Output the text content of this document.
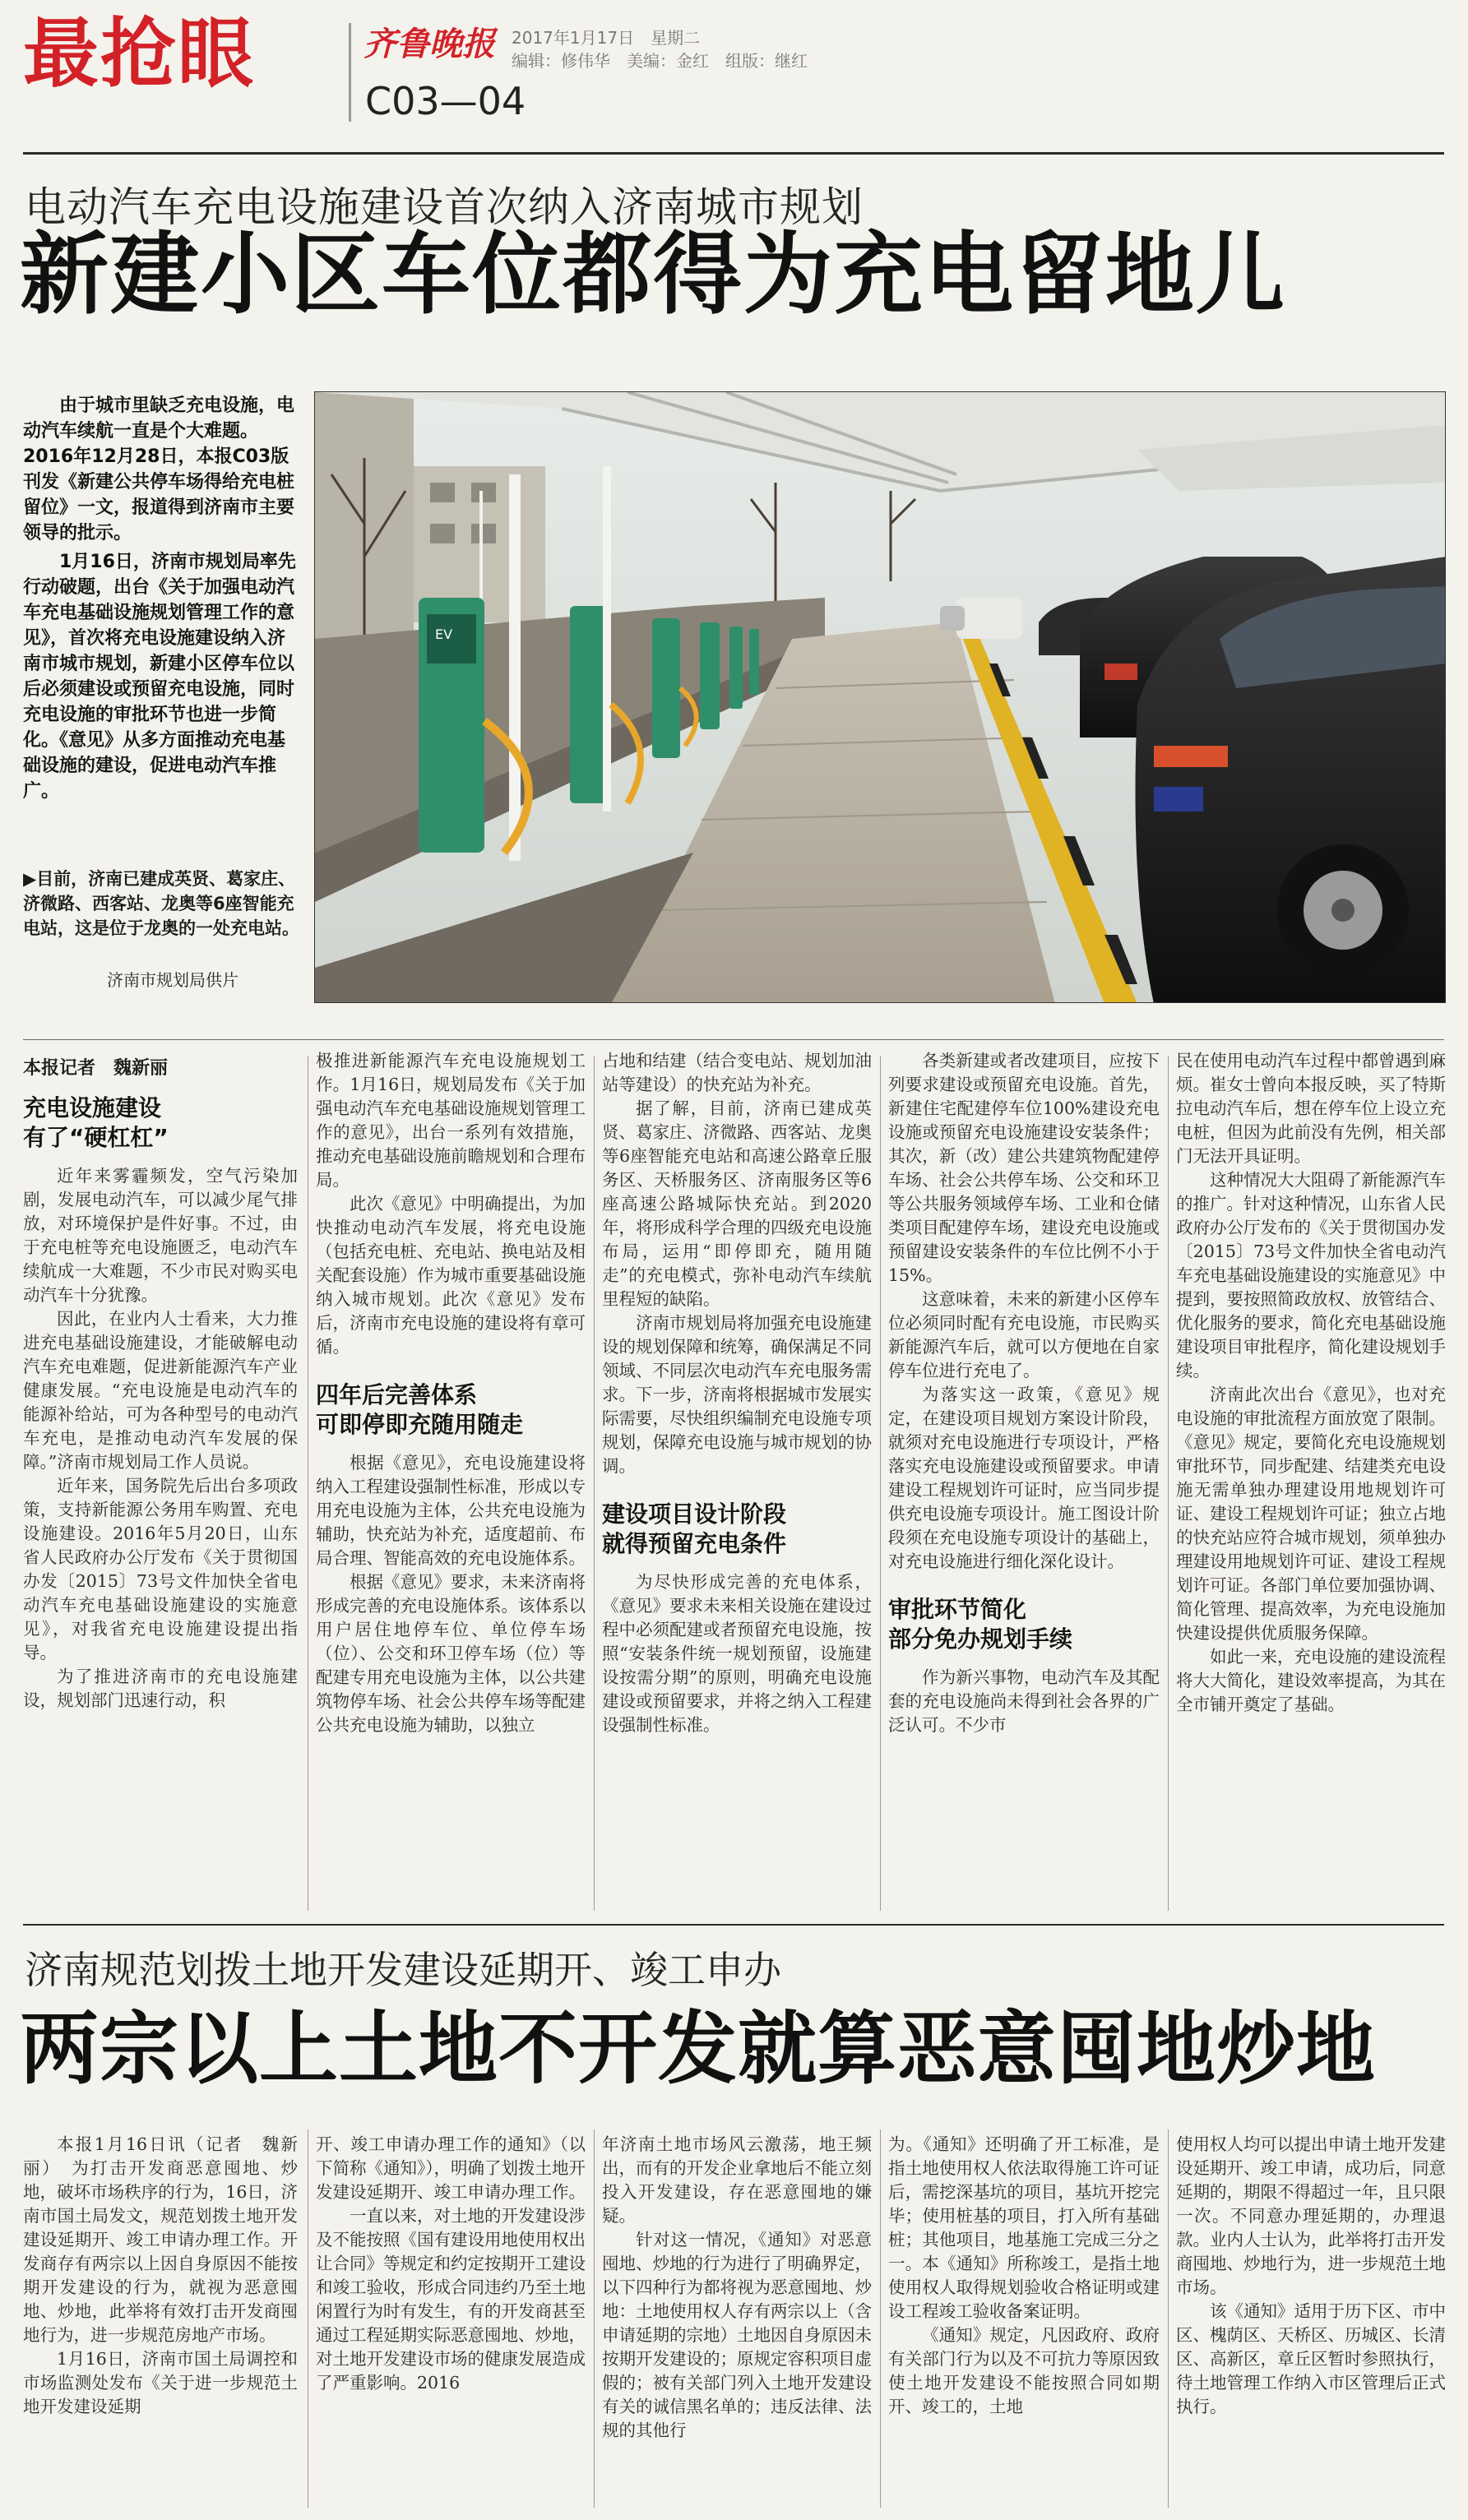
最抢眼	齐鲁晚报 2017年1月17日　星期二
编辑：修伟华　美编：金红　组版：继红
C03—04
电动汽车充电设施建设首次纳入济南城市规划
新建小区车位都得为充电留地儿

由于城市里缺乏充电设施，电动汽车续航一直是个大难题。2016年12月28日，本报C03版刊发《新建公共停车场得给充电桩留位》一文，报道得到济南市主要领导的批示。

1月16日，济南市规划局率先行动破题，出台《关于加强电动汽车充电基础设施规划管理工作的意见》，首次将充电设施建设纳入济南市城市规划，新建小区停车位以后必须建设或预留充电设施，同时充电设施的审批环节也进一步简化。《意见》从多方面推动充电基础设施的建设，促进电动汽车推广。

▶目前，济南已建成英贤、葛家庄、济微路、西客站、龙奥等6座智能充电站，这是位于龙奥的一处充电站。
济南市规划局供片
EV
本报记者　魏新丽
充电设施建设
有了“硬杠杠”

近年来雾霾频发，空气污染加剧，发展电动汽车，可以减少尾气排放，对环境保护是件好事。不过，由于充电桩等充电设施匮乏，电动汽车续航成一大难题，不少市民对购买电动汽车十分犹豫。

因此，在业内人士看来，大力推进充电基础设施建设，才能破解电动汽车充电难题，促进新能源汽车产业健康发展。“充电设施是电动汽车的能源补给站，可为各种型号的电动汽车充电，是推动电动汽车发展的保障。”济南市规划局工作人员说。

近年来，国务院先后出台多项政策，支持新能源公务用车购置、充电设施建设。2016年5月20日，山东省人民政府办公厅发布《关于贯彻国办发〔2015〕73号文件加快全省电动汽车充电基础设施建设的实施意见》，对我省充电设施建设提出指导。

为了推进济南市的充电设施建设，规划部门迅速行动，积

极推进新能源汽车充电设施规划工作。1月16日，规划局发布《关于加强电动汽车充电基础设施规划管理工作的意见》，出台一系列有效措施，推动充电基础设施前瞻规划和合理布局。

此次《意见》中明确提出，为加快推动电动汽车发展，将充电设施（包括充电桩、充电站、换电站及相关配套设施）作为城市重要基础设施纳入城市规划。此次《意见》发布后，济南市充电设施的建设将有章可循。

四年后完善体系
可即停即充随用随走

根据《意见》，充电设施建设将纳入工程建设强制性标准，形成以专用充电设施为主体，公共充电设施为辅助，快充站为补充，适度超前、布局合理、智能高效的充电设施体系。

根据《意见》要求，未来济南将形成完善的充电设施体系。该体系以用户居住地停车位、单位停车场（位）、公交和环卫停车场（位）等配建专用充电设施为主体，以公共建筑物停车场、社会公共停车场等配建公共充电设施为辅助，以独立

占地和结建（结合变电站、规划加油站等建设）的快充站为补充。

据了解，目前，济南已建成英贤、葛家庄、济微路、西客站、龙奥等6座智能充电站和高速公路章丘服务区、天桥服务区、济南服务区等6座高速公路城际快充站。到2020年，将形成科学合理的四级充电设施布局，运用“即停即充，随用随走”的充电模式，弥补电动汽车续航里程短的缺陷。

济南市规划局将加强充电设施建设的规划保障和统筹，确保满足不同领域、不同层次电动汽车充电服务需求。下一步，济南将根据城市发展实际需要，尽快组织编制充电设施专项规划，保障充电设施与城市规划的协调。

建设项目设计阶段
就得预留充电条件

为尽快形成完善的充电体系，《意见》要求未来相关设施在建设过程中必须配建或者预留充电设施，按照“安装条件统一规划预留，设施建设按需分期”的原则，明确充电设施建设或预留要求，并将之纳入工程建设强制性标准。

各类新建或者改建项目，应按下列要求建设或预留充电设施。首先，新建住宅配建停车位100%建设充电设施或预留充电设施建设安装条件；其次，新（改）建公共建筑物配建停车场、社会公共停车场、公交和环卫等公共服务领域停车场、工业和仓储类项目配建停车场，建设充电设施或预留建设安装条件的车位比例不小于15%。

这意味着，未来的新建小区停车位必须同时配有充电设施，市民购买新能源汽车后，就可以方便地在自家停车位进行充电了。

为落实这一政策，《意见》规定，在建设项目规划方案设计阶段，就须对充电设施进行专项设计，严格落实充电设施建设或预留要求。申请建设工程规划许可证时，应当同步提供充电设施专项设计。施工图设计阶段须在充电设施专项设计的基础上，对充电设施进行细化深化设计。

审批环节简化
部分免办规划手续

作为新兴事物，电动汽车及其配套的充电设施尚未得到社会各界的广泛认可。不少市

民在使用电动汽车过程中都曾遇到麻烦。崔女士曾向本报反映，买了特斯拉电动汽车后，想在停车位上设立充电桩，但因为此前没有先例，相关部门无法开具证明。

这种情况大大阻碍了新能源汽车的推广。针对这种情况，山东省人民政府办公厅发布的《关于贯彻国办发〔2015〕73号文件加快全省电动汽车充电基础设施建设的实施意见》中提到，要按照简政放权、放管结合、优化服务的要求，简化充电基础设施建设项目审批程序，简化建设规划手续。

济南此次出台《意见》，也对充电设施的审批流程方面放宽了限制。《意见》规定，要简化充电设施规划审批环节，同步配建、结建类充电设施无需单独办理建设用地规划许可证、建设工程规划许可证；独立占地的快充站应符合城市规划，须单独办理建设用地规划许可证、建设工程规划许可证。各部门单位要加强协调、简化管理、提高效率，为充电设施加快建设提供优质服务保障。

如此一来，充电设施的建设流程将大大简化，建设效率提高，为其在全市铺开奠定了基础。

济南规范划拨土地开发建设延期开、竣工申办
两宗以上土地不开发就算恶意囤地炒地

本报1月16日讯（记者　魏新丽）　为打击开发商恶意囤地、炒地，破坏市场秩序的行为，16日，济南市国土局发文，规范划拨土地开发建设延期开、竣工申请办理工作。开发商存有两宗以上因自身原因不能按期开发建设的行为，就视为恶意囤地、炒地，此举将有效打击开发商囤地行为，进一步规范房地产市场。

1月16日，济南市国土局调控和市场监测处发布《关于进一步规范土地开发建设延期

开、竣工申请办理工作的通知》（以下简称《通知》），明确了划拨土地开发建设延期开、竣工申请办理工作。

一直以来，对土地的开发建设涉及不能按照《国有建设用地使用权出让合同》等规定和约定按期开工建设和竣工验收，形成合同违约乃至土地闲置行为时有发生，有的开发商甚至通过工程延期实际恶意囤地、炒地，对土地开发建设市场的健康发展造成了严重影响。2016

年济南土地市场风云激荡，地王频出，而有的开发企业拿地后不能立刻投入开发建设，存在恶意囤地的嫌疑。

针对这一情况，《通知》对恶意囤地、炒地的行为进行了明确界定，以下四种行为都将视为恶意囤地、炒地：土地使用权人存有两宗以上（含申请延期的宗地）土地因自身原因未按期开发建设的；原规定容积项目虚假的；被有关部门列入土地开发建设有关的诚信黑名单的；违反法律、法规的其他行

为。《通知》还明确了开工标准，是指土地使用权人依法取得施工许可证后，需挖深基坑的项目，基坑开挖完毕；使用桩基的项目，打入所有基础桩；其他项目，地基施工完成三分之一。本《通知》所称竣工，是指土地使用权人取得规划验收合格证明或建设工程竣工验收备案证明。

《通知》规定，凡因政府、政府有关部门行为以及不可抗力等原因致使土地开发建设不能按照合同如期开、竣工的，土地

使用权人均可以提出申请土地开发建设延期开、竣工申请，成功后，同意延期的，期限不得超过一年，且只限一次。不同意办理延期的，办理退款。业内人士认为，此举将打击开发商囤地、炒地行为，进一步规范土地市场。

该《通知》适用于历下区、市中区、槐荫区、天桥区、历城区、长清区、高新区，章丘区暂时参照执行，待土地管理工作纳入市区管理后正式执行。
